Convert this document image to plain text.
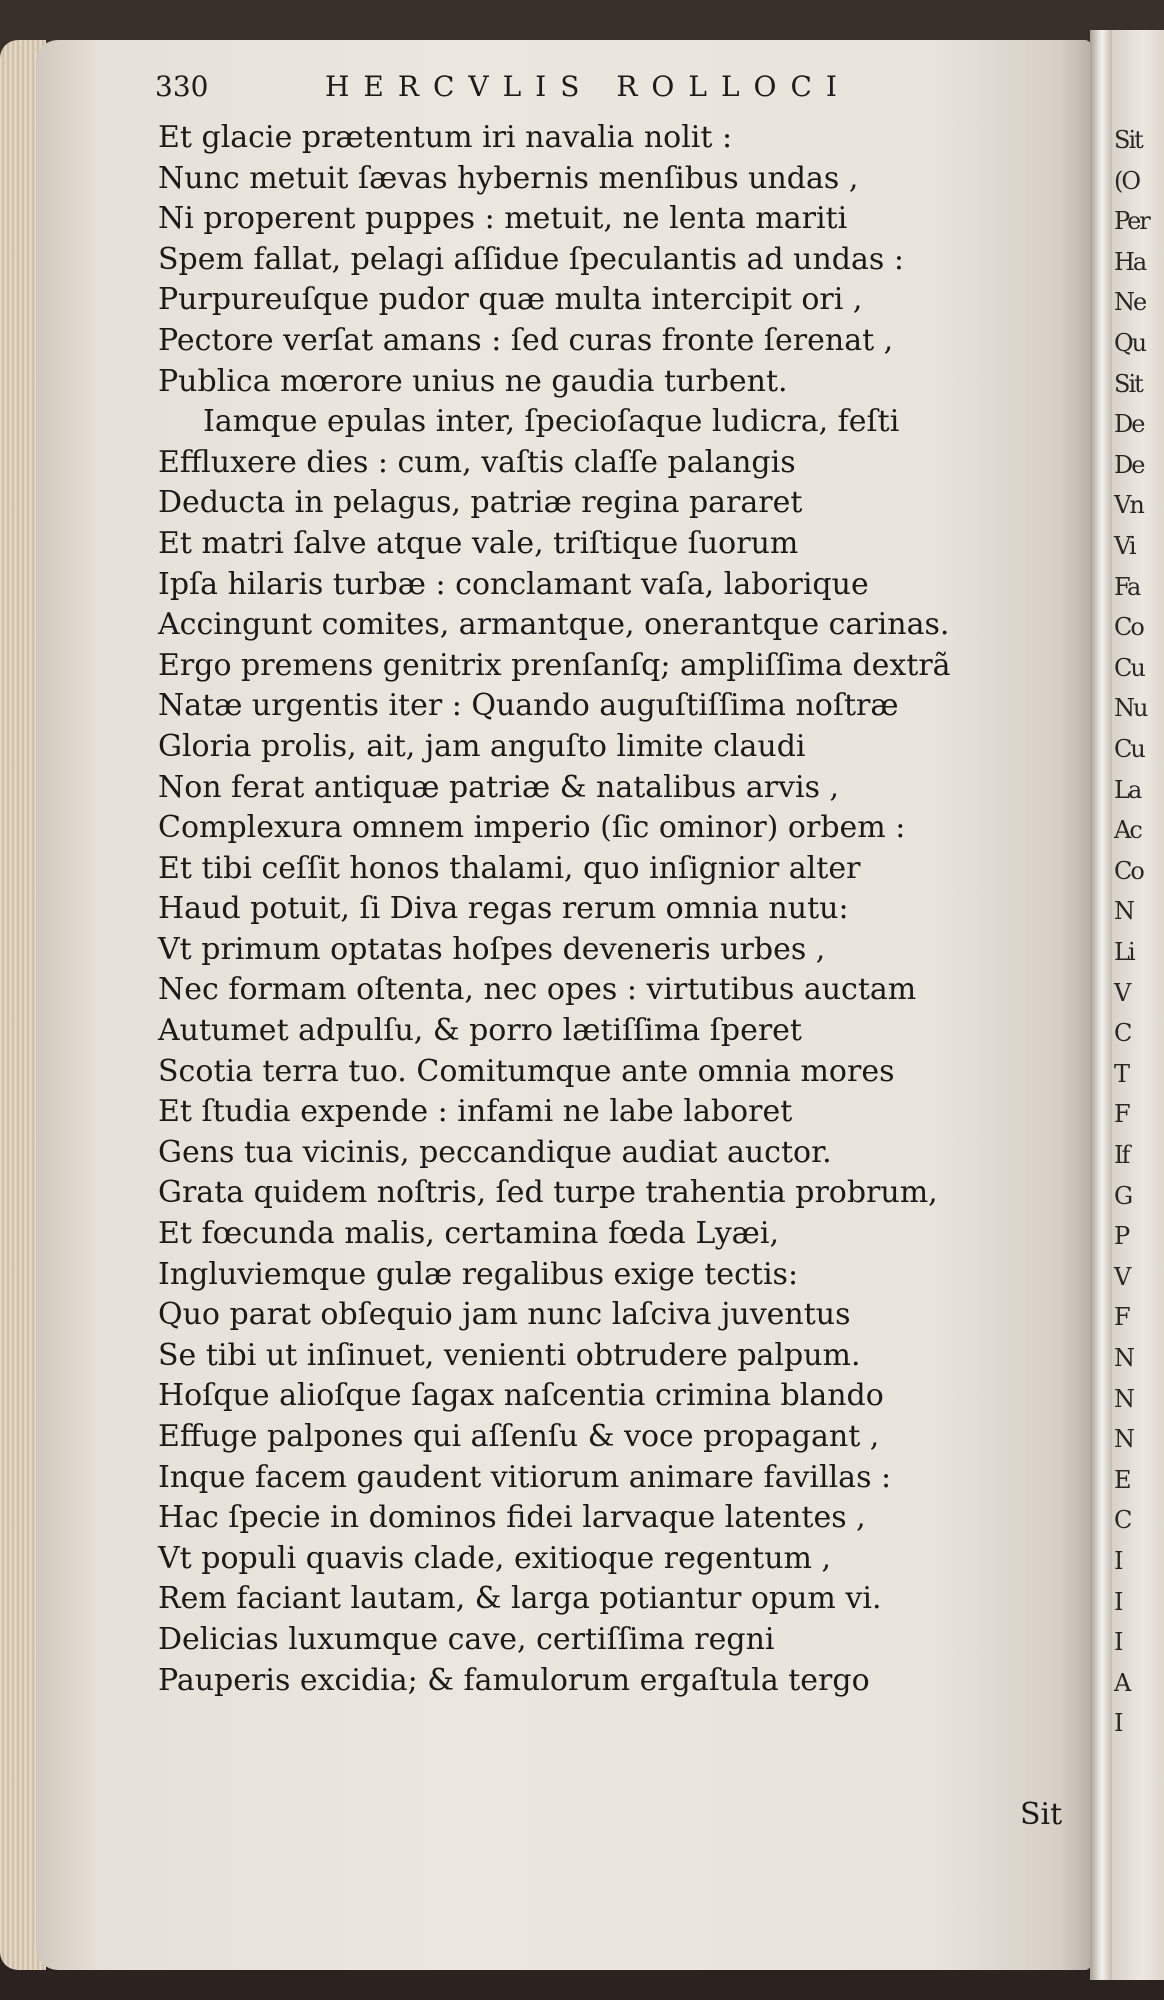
Sit
(O
Per
Ha
Ne
Qu
Sit
De
De
Vn
Vi
Fa
Co
Cu
Nu
Cu
La
Ac
Co
N
Li
V
C
T
F
If
G
P
V
F
N
N
N
E
C
I
I
I
A
I
330	HERCVLIS ROLLOCI
Et glacie prætentum iri navalia nolit :
Nunc metuit ſævas hybernis menſibus undas ,
Ni properent puppes : metuit, ne lenta mariti
Spem fallat, pelagi aſſidue ſpeculantis ad undas :
Purpureuſque pudor quæ multa intercipit ori ,
Pectore verſat amans : ſed curas fronte ſerenat ,
Publica mœrore unius ne gaudia turbent.
Iamque epulas inter, ſpecioſaque ludicra, feſti
Effluxere dies : cum, vaſtis claſſe palangis
Deducta in pelagus, patriæ regina pararet
Et matri ſalve atque vale, triſtique ſuorum
Ipſa hilaris turbæ : conclamant vaſa, laborique
Accingunt comites, armantque, onerantque carinas.
Ergo premens genitrix prenſanſq; ampliſſima dextrã
Natæ urgentis iter : Quando auguſtiſſima noſtræ
Gloria prolis, ait, jam anguſto limite claudi
Non ferat antiquæ patriæ & natalibus arvis ,
Complexura omnem imperio (ſic ominor) orbem :
Et tibi ceſſit honos thalami, quo inſignior alter
Haud potuit, ſi Diva regas rerum omnia nutu:
Vt primum optatas hoſpes deveneris urbes ,
Nec formam oſtenta, nec opes : virtutibus auctam
Autumet adpulſu, & porro lætiſſima ſperet
Scotia terra tuo. Comitumque ante omnia mores
Et ſtudia expende : infami ne labe laboret
Gens tua vicinis, peccandique audiat auctor.
Grata quidem noſtris, ſed turpe trahentia probrum,
Et fœcunda malis, certamina fœda Lyæi,
Ingluviemque gulæ regalibus exige tectis:
Quo parat obſequio jam nunc laſciva juventus
Se tibi ut inſinuet, venienti obtrudere palpum.
Hoſque alioſque ſagax naſcentia crimina blando
Effuge palpones qui aſſenſu & voce propagant ,
Inque facem gaudent vitiorum animare favillas :
Hac ſpecie in dominos fidei larvaque latentes ,
Vt populi quavis clade, exitioque regentum ,
Rem faciant lautam, & larga potiantur opum vi.
Delicias luxumque cave, certiſſima regni
Pauperis excidia; & famulorum ergaſtula tergo
Sit
